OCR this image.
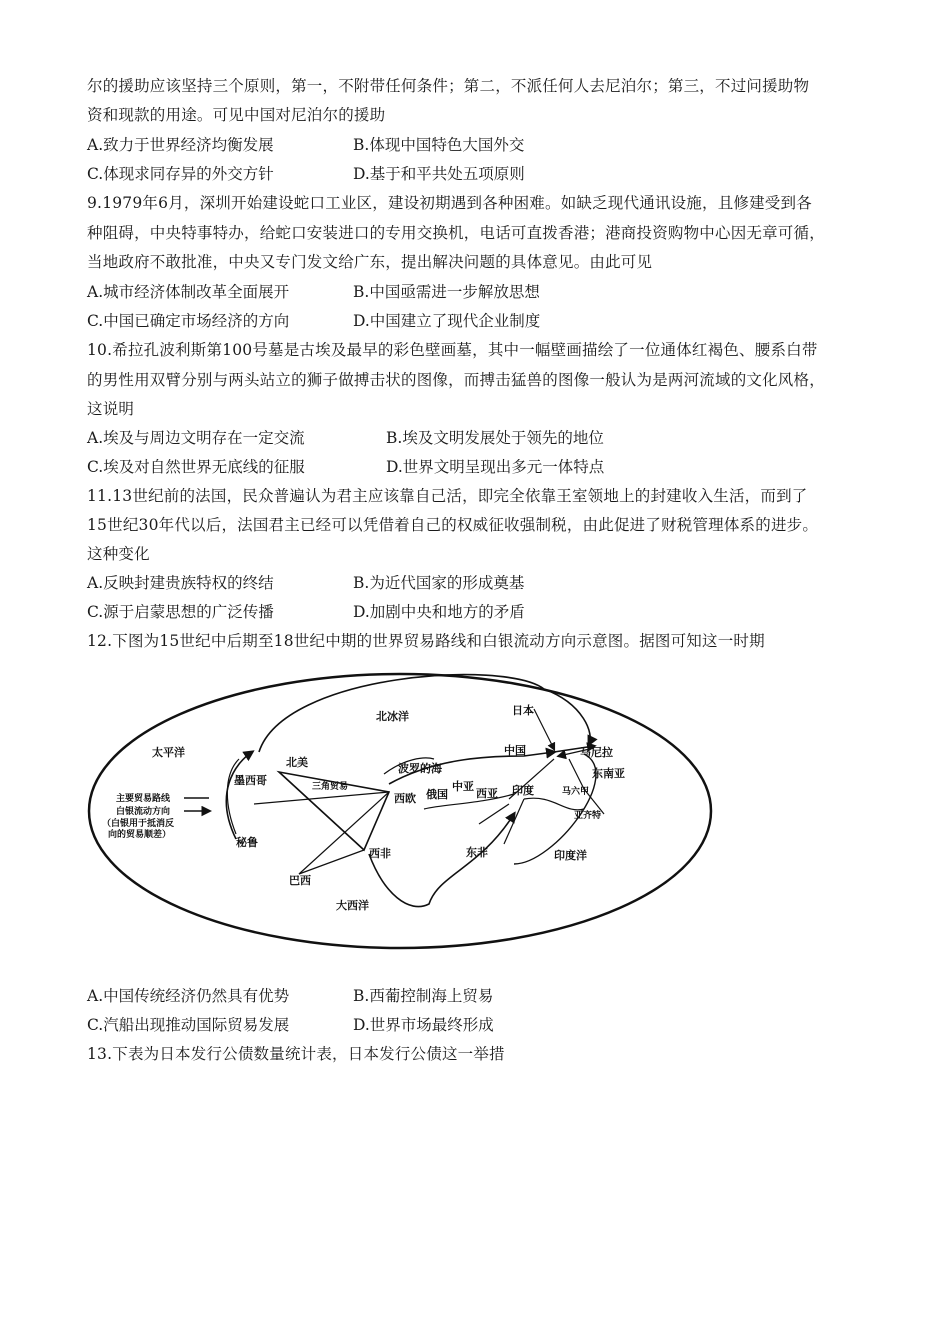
尔的援助应该坚持三个原则，第一，不附带任何条件；第二，不派任何人去尼泊尔；第三，不过问援助物
资和现款的用途。可见中国对尼泊尔的援助
A.致力于世界经济均衡发展	B.体现中国特色大国外交
C.体现求同存异的外交方针	D.基于和平共处五项原则
9.1979年6月，深圳开始建设蛇口工业区，建设初期遇到各种困难。如缺乏现代通讯设施，且修建受到各
种阻碍，中央特事特办，给蛇口安装进口的专用交换机，电话可直拨香港；港商投资购物中心因无章可循，
当地政府不敢批准，中央又专门发文给广东，提出解决问题的具体意见。由此可见
A.城市经济体制改革全面展开	B.中国亟需进一步解放思想
C.中国已确定市场经济的方向	D.中国建立了现代企业制度
10.希拉孔波利斯第100号墓是古埃及最早的彩色壁画墓，其中一幅壁画描绘了一位通体红褐色、腰系白带
的男性用双臂分别与两头站立的狮子做搏击状的图像，而搏击猛兽的图像一般认为是两河流域的文化风格，
这说明
A.埃及与周边文明存在一定交流	B.埃及文明发展处于领先的地位
C.埃及对自然世界无底线的征服	D.世界文明呈现出多元一体特点
11.13世纪前的法国，民众普遍认为君主应该靠自己活，即完全依靠王室领地上的封建收入生活，而到了
15世纪30年代以后，法国君主已经可以凭借着自己的权威征收强制税，由此促进了财税管理体系的进步。
这种变化
A.反映封建贵族特权的终结	B.为近代国家的形成奠基
C.源于启蒙思想的广泛传播	D.加剧中央和地方的矛盾
12.下图为15世纪中后期至18世纪中期的世界贸易路线和白银流动方向示意图。据图可知这一时期
北冰洋
太平洋
大西洋
印度洋
日本
中国	马尼拉
东南亚
马六甲
亚齐特
北美
墨西哥
秘鲁
巴西
三角贸易
波罗的海
西欧 俄国
中亚
西亚 印度
西非	东非
主要贸易路线
白银流动方向
（白银用于抵消反
向的贸易顺差）
A.中国传统经济仍然具有优势	B.西葡控制海上贸易
C.汽船出现推动国际贸易发展	D.世界市场最终形成
13.下表为日本发行公债数量统计表，日本发行公债这一举措
